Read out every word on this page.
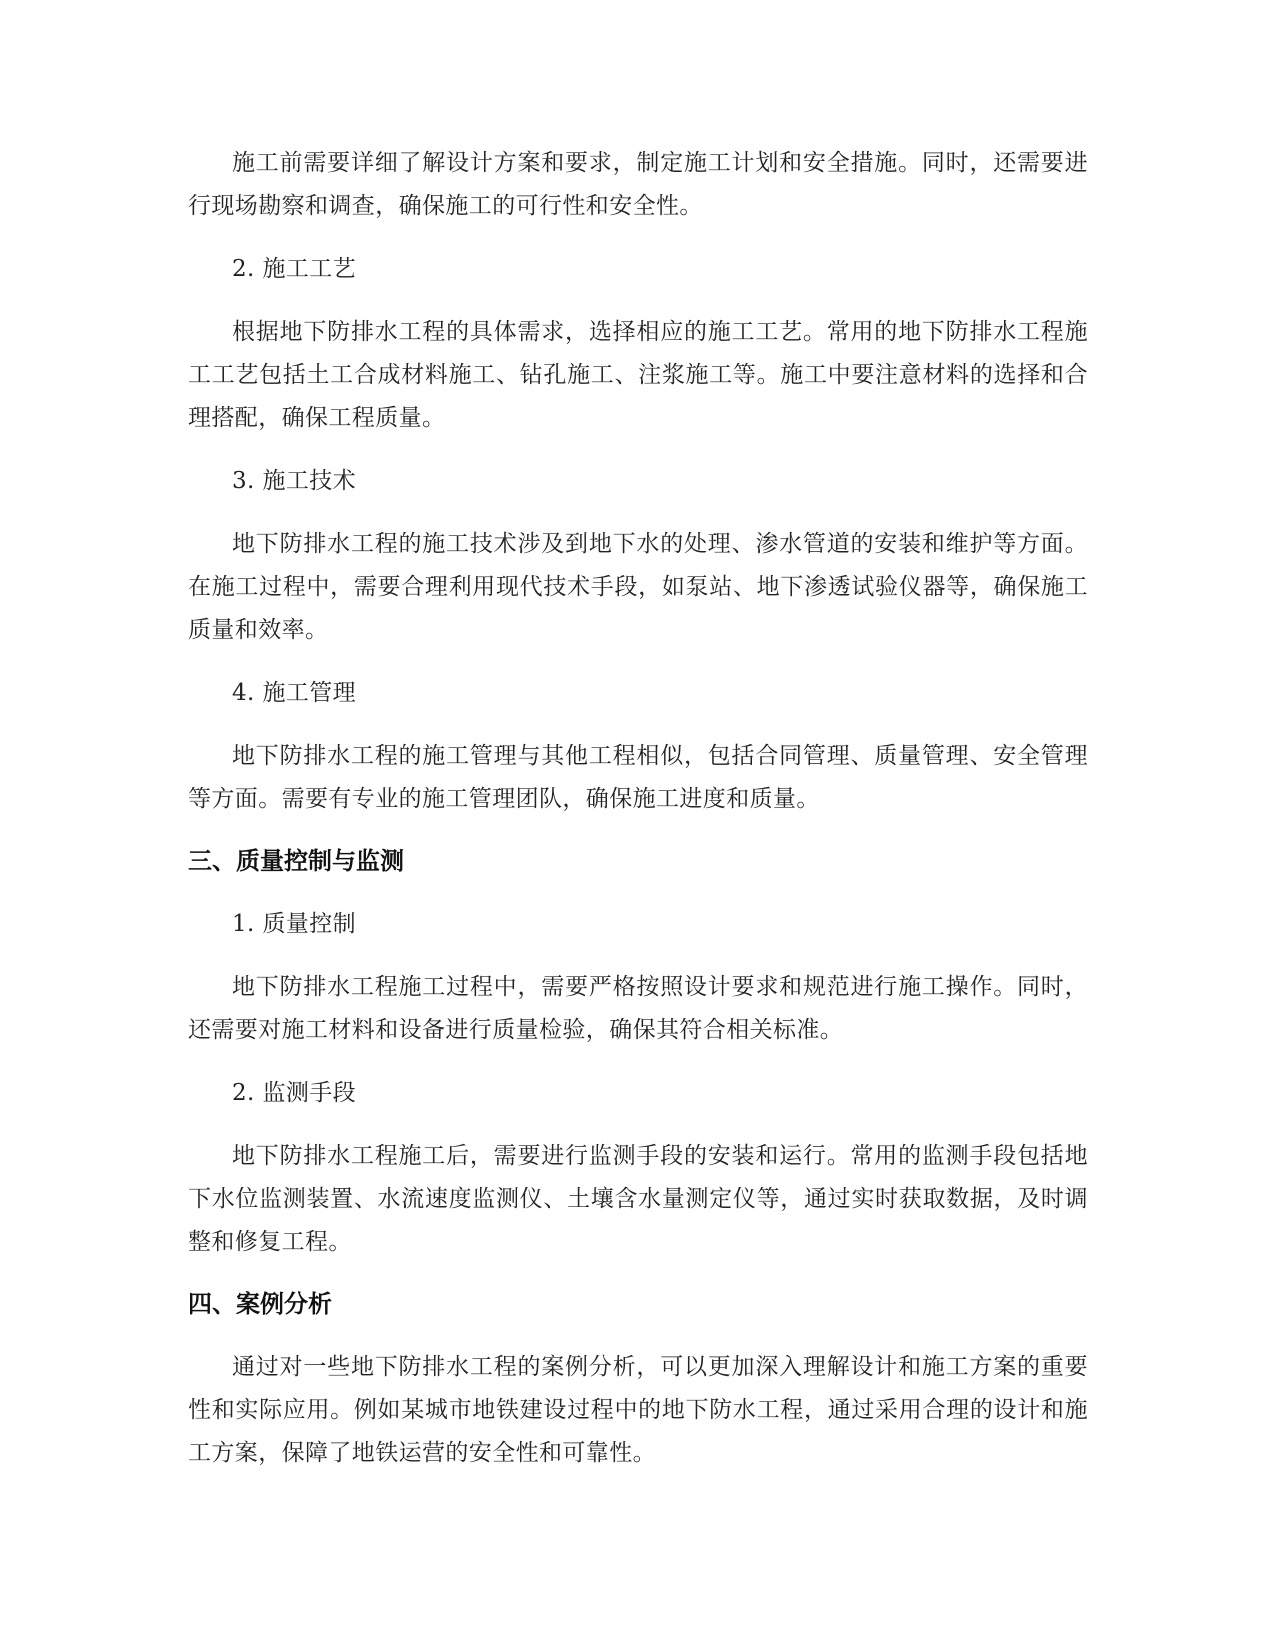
施工前需要详细了解设计方案和要求，制定施工计划和安全措施。同时，还需要进行现场勘察和调查，确保施工的可行性和安全性。

2. 施工工艺

根据地下防排水工程的具体需求，选择相应的施工工艺。常用的地下防排水工程施工工艺包括土工合成材料施工、钻孔施工、注浆施工等。施工中要注意材料的选择和合理搭配，确保工程质量。

3. 施工技术

地下防排水工程的施工技术涉及到地下水的处理、渗水管道的安装和维护等方面。在施工过程中，需要合理利用现代技术手段，如泵站、地下渗透试验仪器等，确保施工质量和效率。

4. 施工管理

地下防排水工程的施工管理与其他工程相似，包括合同管理、质量管理、安全管理等方面。需要有专业的施工管理团队，确保施工进度和质量。

三、质量控制与监测

1. 质量控制

地下防排水工程施工过程中，需要严格按照设计要求和规范进行施工操作。同时，还需要对施工材料和设备进行质量检验，确保其符合相关标准。

2. 监测手段

地下防排水工程施工后，需要进行监测手段的安装和运行。常用的监测手段包括地下水位监测装置、水流速度监测仪、土壤含水量测定仪等，通过实时获取数据，及时调整和修复工程。

四、案例分析

通过对一些地下防排水工程的案例分析，可以更加深入理解设计和施工方案的重要性和实际应用。例如某城市地铁建设过程中的地下防水工程，通过采用合理的设计和施工方案，保障了地铁运营的安全性和可靠性。
